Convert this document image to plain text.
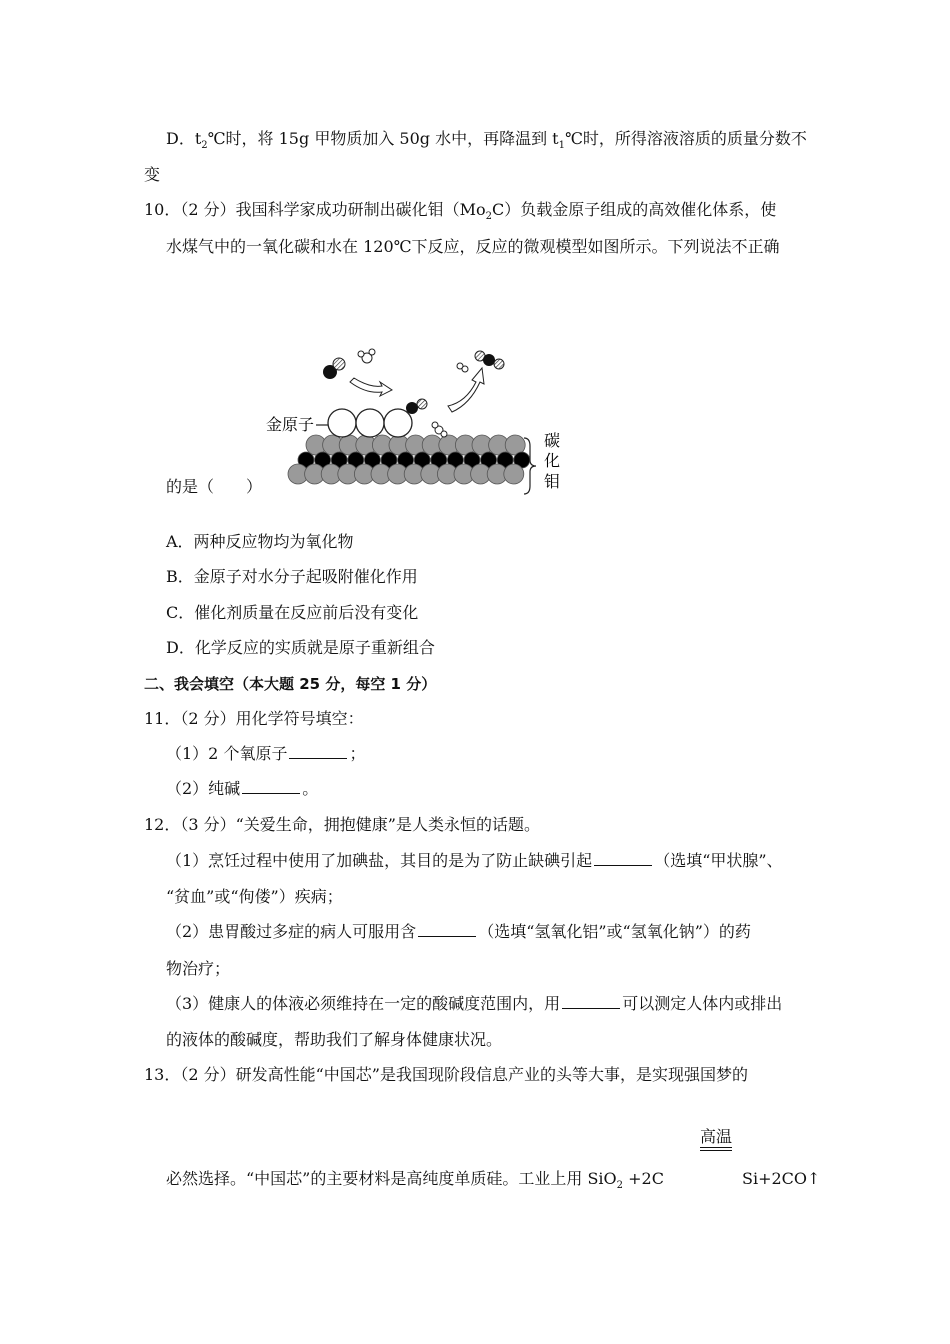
D．$t_2℃$时，将 15g 甲物质加入 50g 水中，再降温到 $t_1℃$时，所得溶液溶质的质量分数不
变
10．（2 分）我国科学家成功研制出碳化钼$(Mo_2C)$负载金原子组成的高效催化体系，使
水煤气中的一氧化碳和水在 120℃下反应，反应的微观模型如图所示。下列说法不正确
金原子
碳
化
钼
的是（　　）
A．两种反应物均为氧化物
B．金原子对水分子起吸附催化作用
C．催化剂质量在反应前后没有变化
D．化学反应的实质就是原子重新组合
二、我会填空（本大题 25 分，每空 1 分）
11．（2 分）用化学符号填空：
（1）2 个氧原子	；
（2）纯碱	。
12．（3 分）“关爱生命，拥抱健康”是人类永恒的话题。
（1）烹饪过程中使用了加碘盐，其目的是为了防止缺碘引起	（选填“甲状腺”、
“贫血”或“佝偻”）疾病；
（2）患胃酸过多症的病人可服用含	（选填“氢氧化铝”或“氢氧化钠”）的药
物治疗；
（3）健康人的体液必须维持在一定的酸碱度范围内，用	可以测定人体内或排出
的液体的酸碱度，帮助我们了解身体健康状况。
13．（2 分）研发高性能“中国芯”是我国现阶段信息产业的头等大事，是实现强国梦的
高温
必然选择。“中国芯”的主要材料是高纯度单质硅。工业上用 SiO$_2$ +2C	Si+2CO↑
